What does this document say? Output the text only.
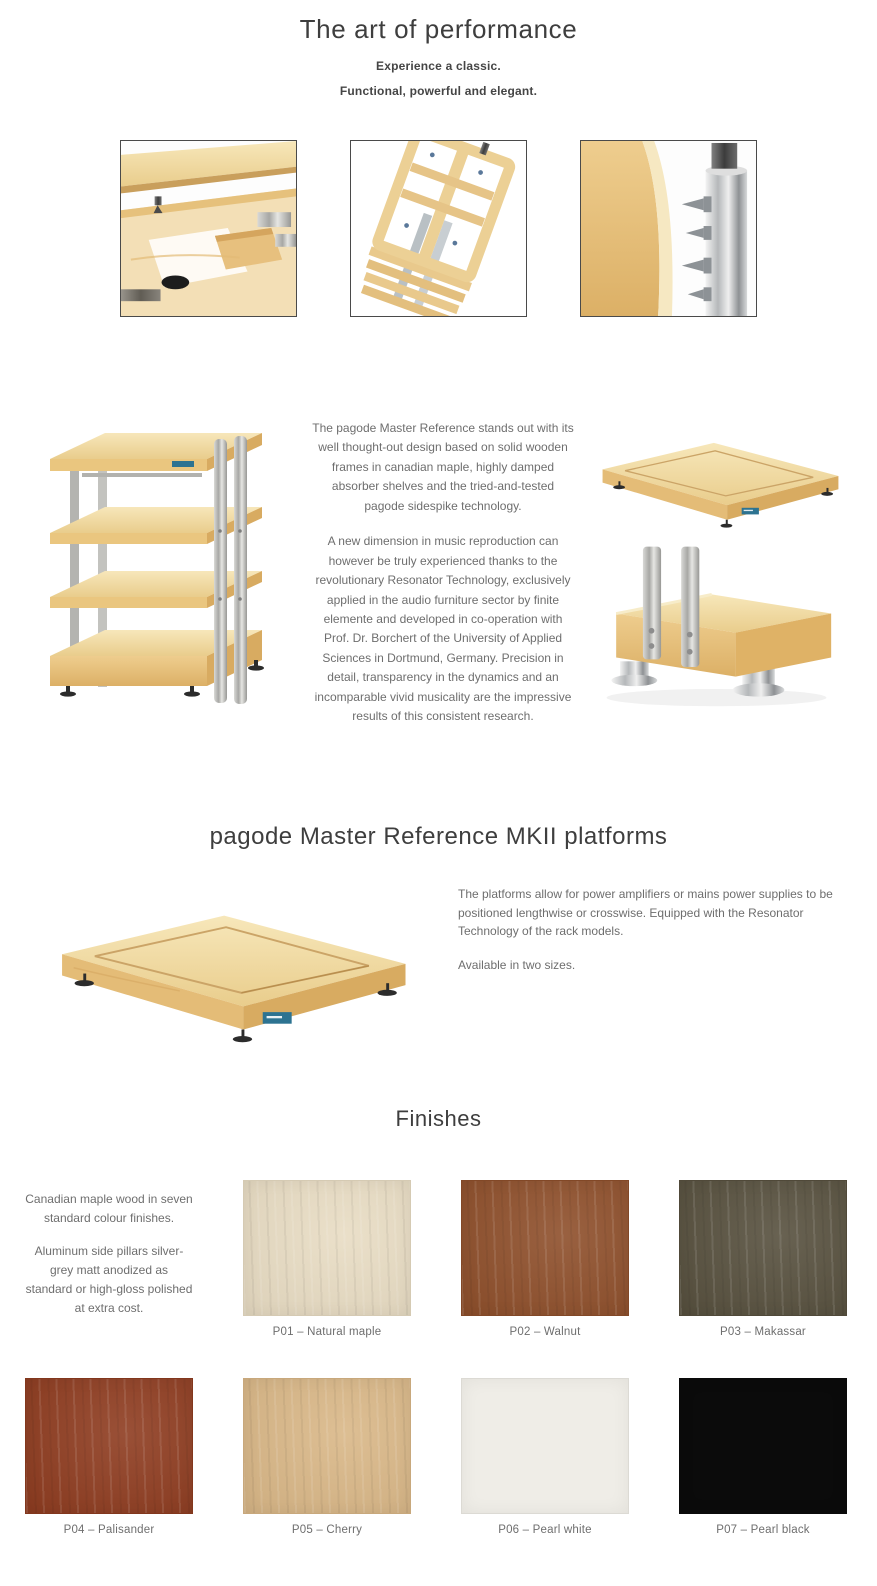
The art of performance
Experience a classic.
Functional, powerful and elegant.

The pagode Master Reference stands out with its well thought-out design based on solid wooden frames in canadian maple, highly damped absorber shelves and the tried-and-tested pagode sidespike technology.

A new dimension in music reproduction can however be truly experienced thanks to the revolutionary Resonator Technology, exclusively applied in the audio furniture sector by finite elemente and developed in co-operation with Prof. Dr. Borchert of the University of Applied Sciences in Dortmund, Germany. Precision in detail, transparency in the dynamics and an incomparable vivid musicality are the impressive results of this consistent research.

pagode Master Reference MKII platforms

The platforms allow for power amplifiers or mains power supplies to be positioned lengthwise or crosswise. Equipped with the Resonator Technology of the rack models.

Available in two sizes.

Finishes

Canadian maple wood in seven standard colour finishes.

Aluminum side pillars silver-grey matt anodized as standard or high-gloss polished at extra cost.

P01 – Natural maple	P02 – Walnut	P03 – Makassar
P04 – Palisander	P05 – Cherry	P06 – Pearl white	P07 – Pearl black
